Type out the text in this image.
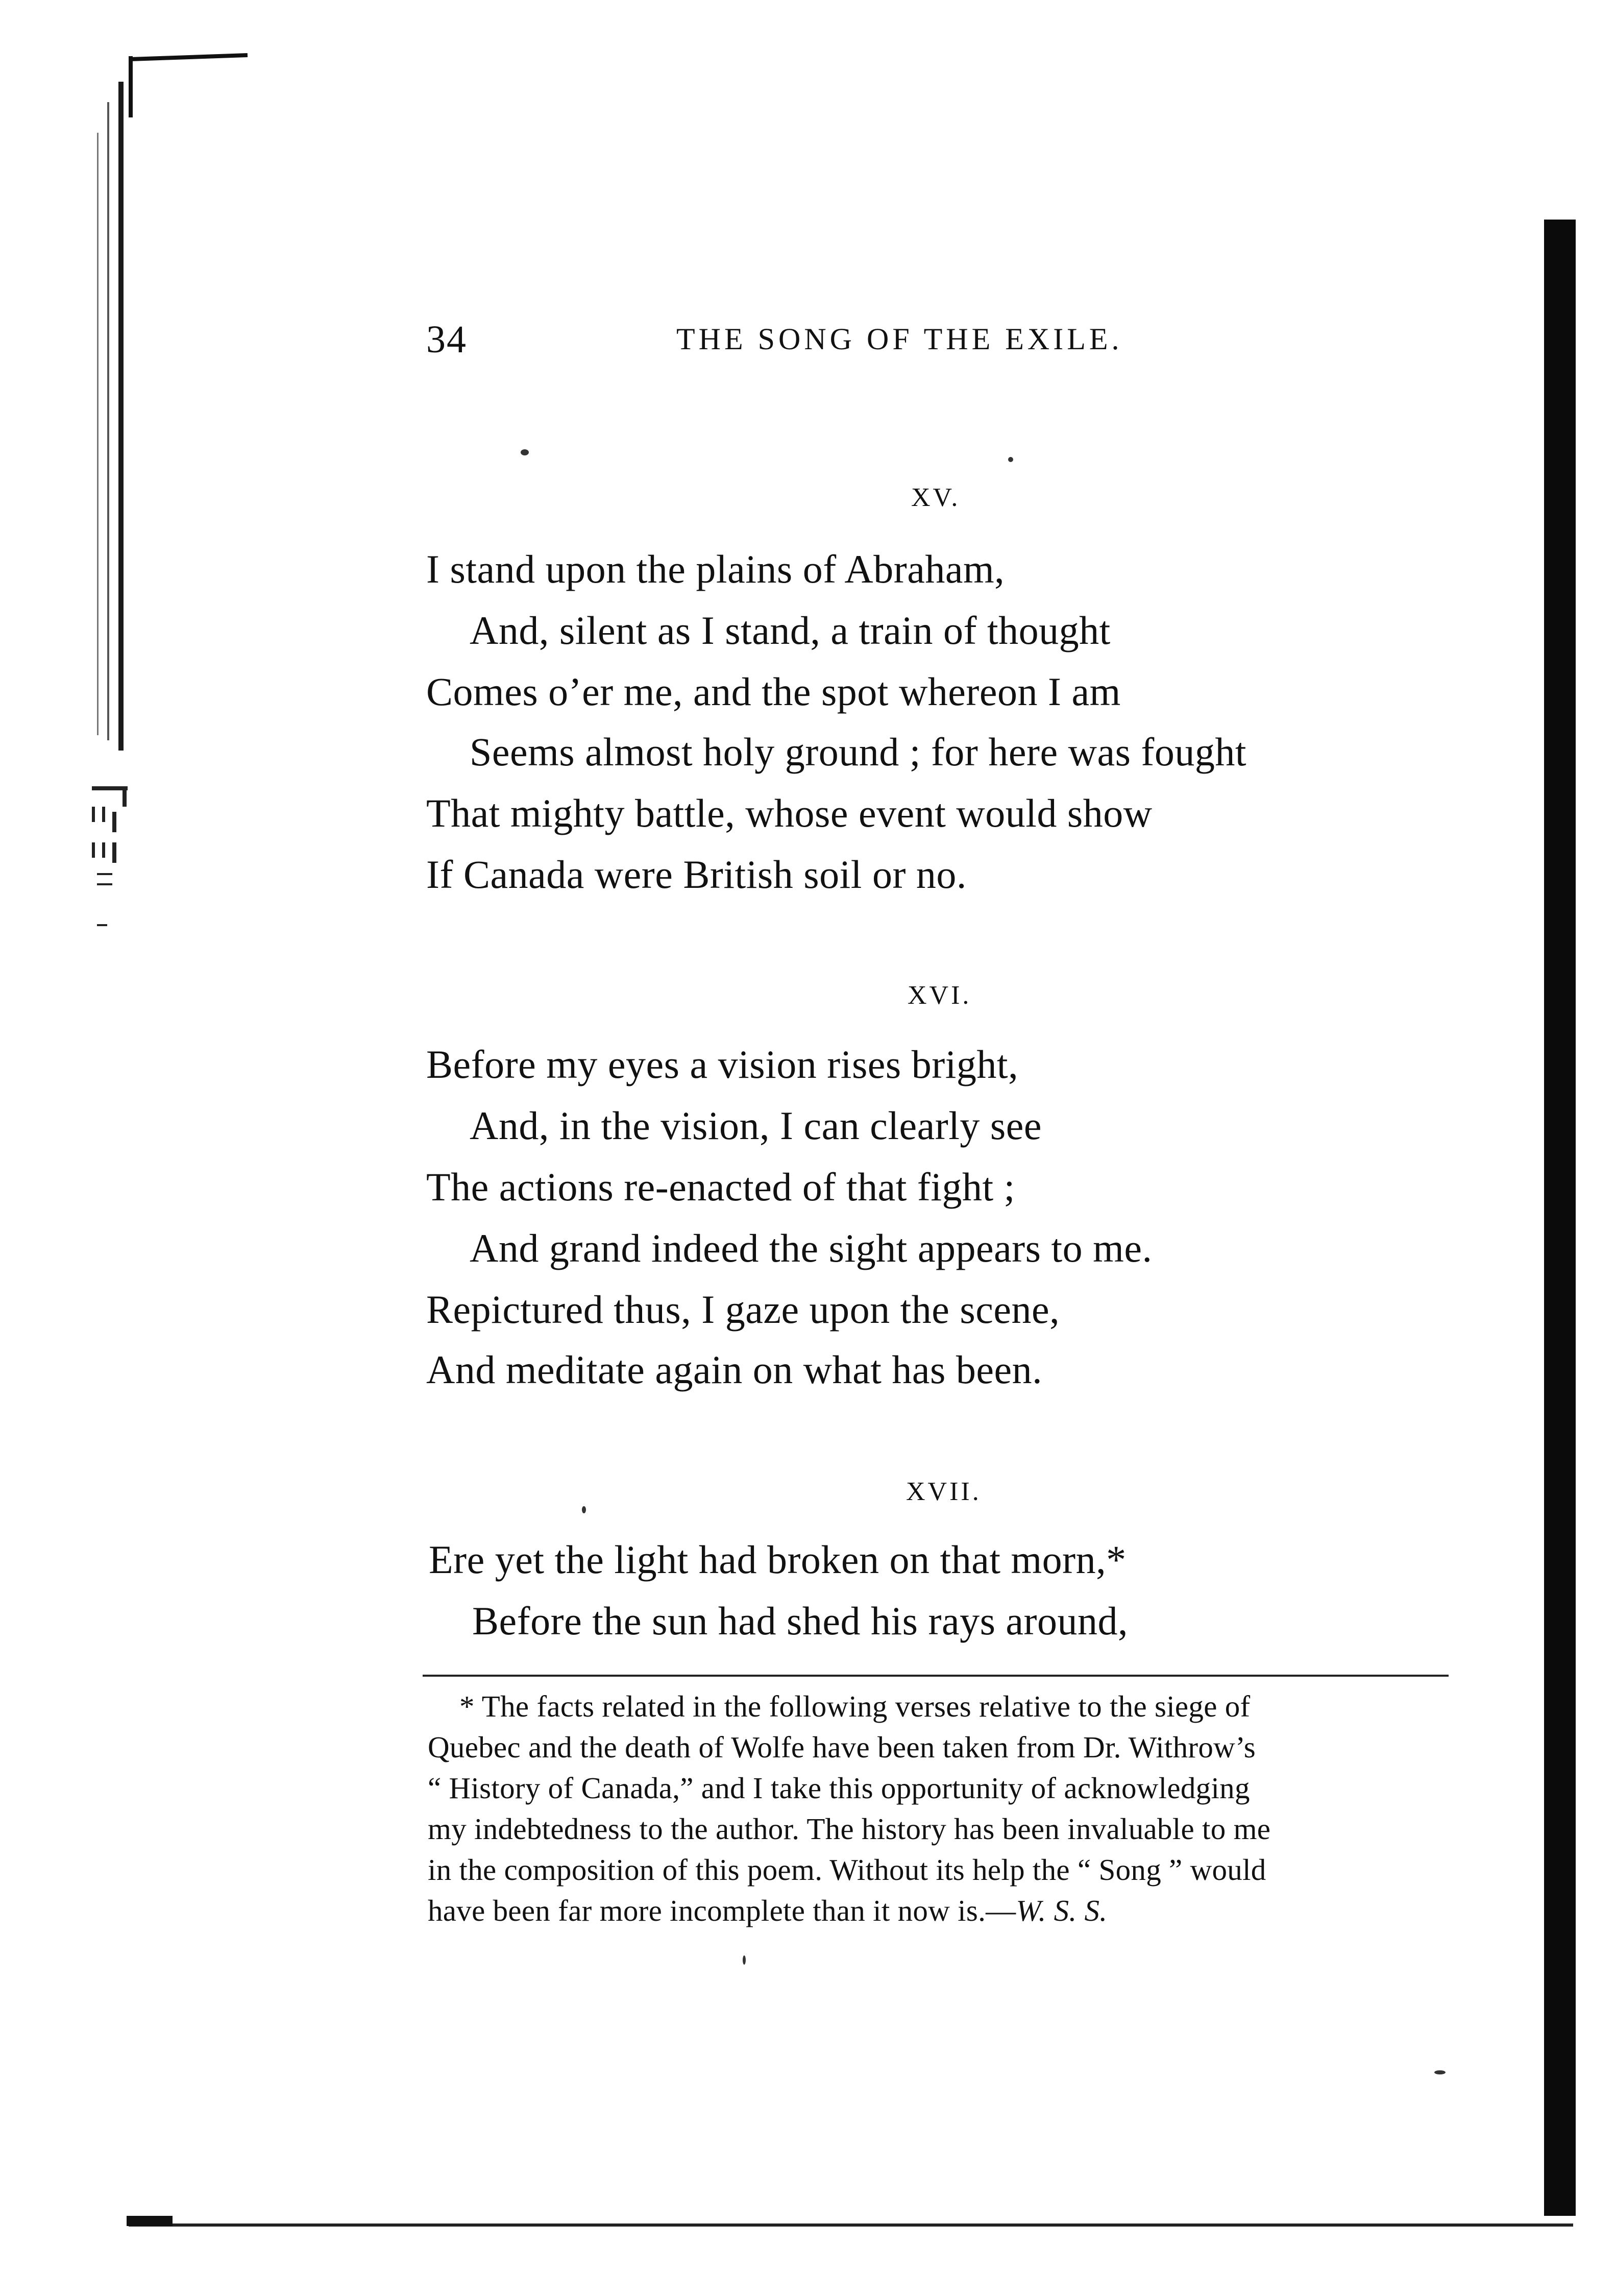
34	THE SONG OF THE EXILE.
XV.
I stand upon the plains of Abraham,
And, silent as I stand, a train of thought
Comes o’er me, and the spot whereon I am
Seems almost holy ground ; for here was fought
That mighty battle, whose event would show
If Canada were British soil or no.
XVI.
Before my eyes a vision rises bright,
And, in the vision, I can clearly see
The actions re-enacted of that fight ;
And grand indeed the sight appears to me.
Repictured thus, I gaze upon the scene,
And meditate again on what has been.
XVII.
Ere yet the light had broken on that morn,*
Before the sun had shed his rays around,
* The facts related in the following verses relative to the siege of
Quebec and the death of Wolfe have been taken from Dr. Withrow’s
“ History of Canada,” and I take this opportunity of acknowledging
my indebtedness to the author. The history has been invaluable to me
in the composition of this poem. Without its help the “ Song ” would
have been far more incomplete than it now is.—W. S. S.
